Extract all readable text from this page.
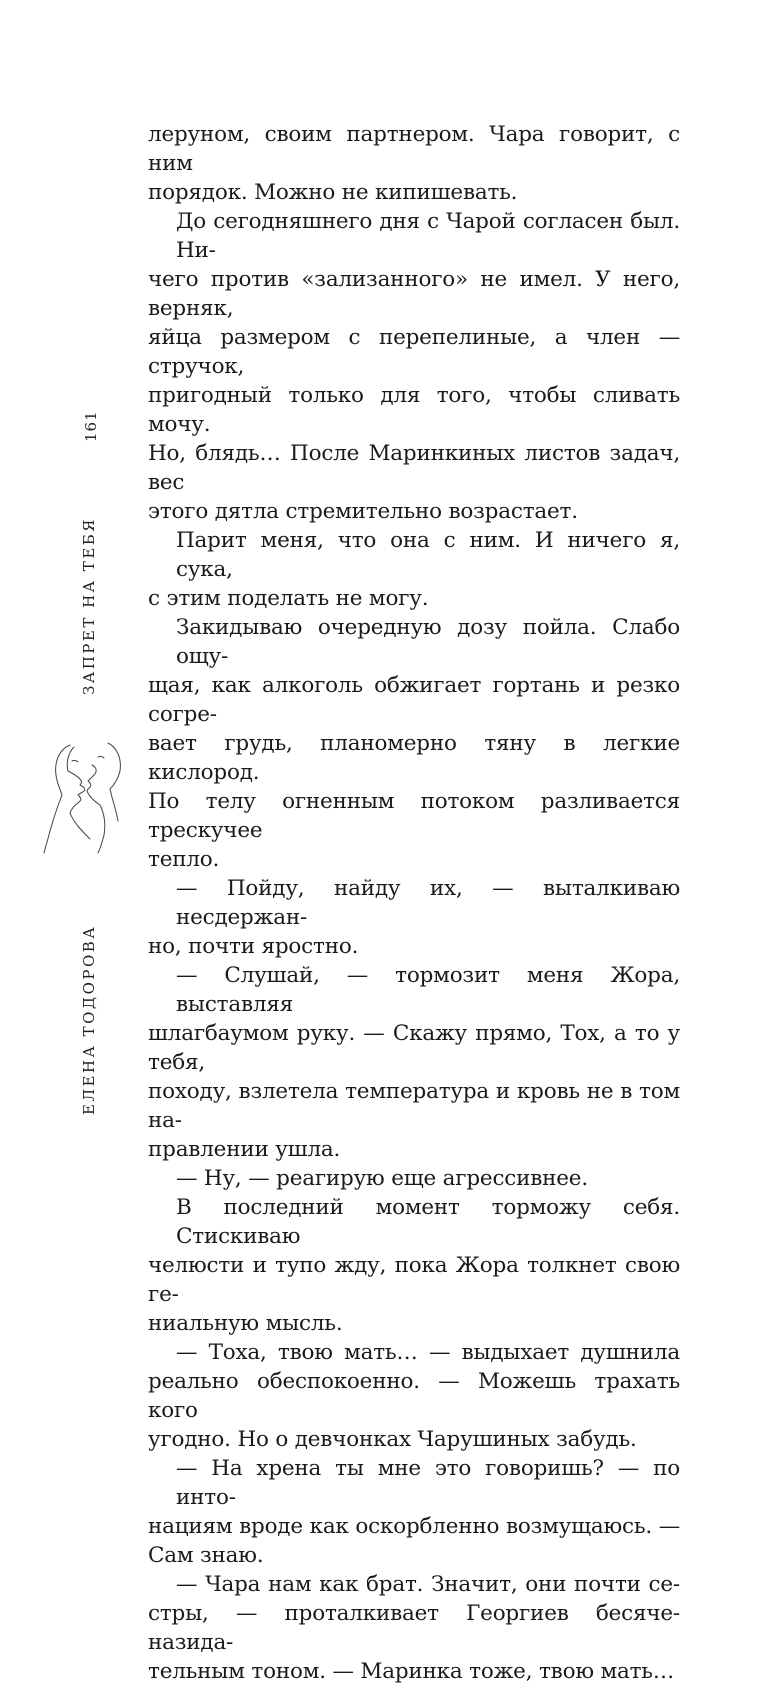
161
ЗАПРЕТ НА ТЕБЯ
ЕЛЕНА ТОДОРОВА
леруном, своим партнером. Чара говорит, с ним
порядок. Можно не кипишевать.
До сегодняшнего дня с Чарой согласен был. Ни-
чего против «зализанного» не имел. У него, верняк,
яйца размером с перепелиные, а член — стручок,
пригодный только для того, чтобы сливать мочу.
Но, блядь… После Маринкиных листов задач, вес
этого дятла стремительно возрастает.
Парит меня, что она с ним. И ничего я, сука,
с этим поделать не могу.
Закидываю очередную дозу пойла. Слабо ощу-
щая, как алкоголь обжигает гортань и резко согре-
вает грудь, планомерно тяну в легкие кислород.
По телу огненным потоком разливается трескучее
тепло.
— Пойду, найду их, — выталкиваю несдержан-
но, почти яростно.
— Слушай, — тормозит меня Жора, выставляя
шлагбаумом руку. — Скажу прямо, Тох, а то у тебя,
походу, взлетела температура и кровь не в том на-
правлении ушла.
— Ну, — реагирую еще агрессивнее.
В последний момент торможу себя. Стискиваю
челюсти и тупо жду, пока Жора толкнет свою ге-
ниальную мысль.
— Тоха, твою мать… — выдыхает душнила
реально обеспокоенно. — Можешь трахать кого
угодно. Но о девчонках Чарушиных забудь.
— На хрена ты мне это говоришь? — по инто-
нациям вроде как оскорбленно возмущаюсь. —
Сам знаю.
— Чара нам как брат. Значит, они почти се-
стры, — проталкивает Георгиев бесяче-назида-
тельным тоном. — Маринка тоже, твою мать…
